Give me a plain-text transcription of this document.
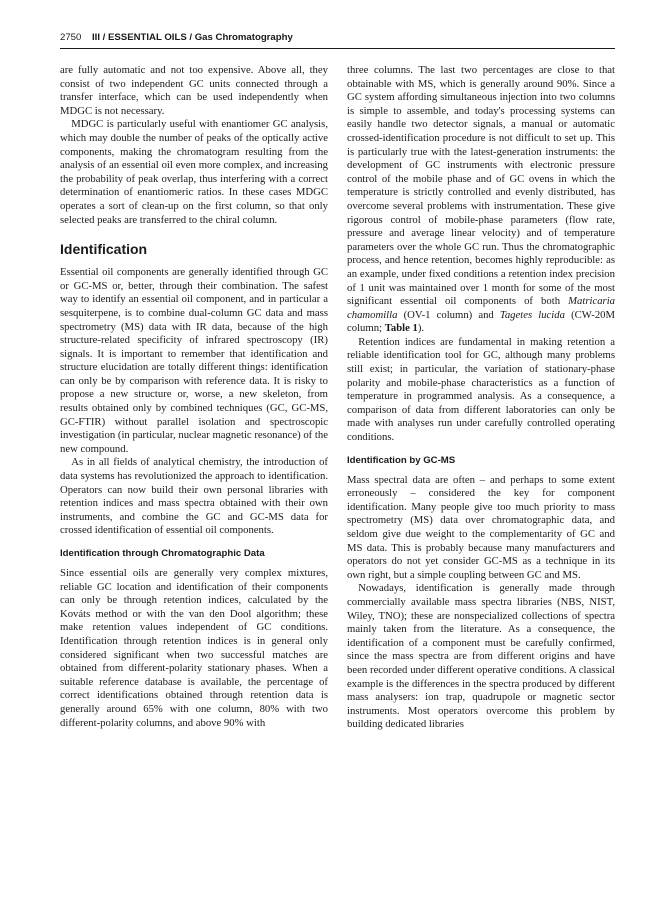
2750 III / ESSENTIAL OILS / Gas Chromatography

are fully automatic and not too expensive. Above all, they consist of two independent GC units connected through a transfer interface, which can be used independently when MDGC is not necessary.

MDGC is particularly useful with enantiomer GC analysis, which may double the number of peaks of the optically active components, making the chromatogram resulting from the analysis of an essential oil even more complex, and increasing the probability of peak overlap, thus interfering with a correct determination of enantiomeric ratios. In these cases MDGC operates a sort of clean-up on the first column, so that only selected peaks are transferred to the chiral column.

Identification

Essential oil components are generally identified through GC or GC-MS or, better, through their combination. The safest way to identify an essential oil component, and in particular a sesquiterpene, is to combine dual-column GC data and mass spectrometry (MS) data with IR data, because of the high structure-related specificity of infrared spectroscopy (IR) signals. It is important to remember that identification and structure elucidation are totally different things: identification can only be by comparison with reference data. It is risky to propose a new structure or, worse, a new skeleton, from results obtained only by combined techniques (GC, GC-MS, GC-FTIR) without parallel isolation and spectroscopic investigation (in particular, nuclear magnetic resonance) of the new compound.

As in all fields of analytical chemistry, the introduction of data systems has revolutionized the approach to identification. Operators can now build their own personal libraries with retention indices and mass spectra obtained with their own instruments, and combine the GC and GC-MS data for crossed identification of essential oil components.

Identification through Chromatographic Data

Since essential oils are generally very complex mixtures, reliable GC location and identification of their components can only be through retention indices, calculated by the Kováts method or with the van den Dool algorithm; these make retention values independent of GC conditions. Identification through retention indices is in general only considered significant when two successful matches are obtained from different-polarity stationary phases. When a suitable reference database is available, the percentage of correct identifications obtained through retention data is generally around 65% with one column, 80% with two different-polarity columns, and above 90% with

three columns. The last two percentages are close to that obtainable with MS, which is generally around 90%. Since a GC system affording simultaneous injection into two columns is simple to assemble, and today's processing systems can easily handle two detector signals, a manual or automatic crossed-identification procedure is not difficult to set up. This is particularly true with the latest-generation instruments: the development of GC instruments with electronic pressure control of the mobile phase and of GC ovens in which the temperature is strictly controlled and evenly distributed, has overcome several problems with instrumentation. These give rigorous control of mobile-phase parameters (flow rate, pressure and average linear velocity) and of temperature parameters over the whole GC run. Thus the chromatographic process, and hence retention, becomes highly reproducible: as an example, under fixed conditions a retention index precision of 1 unit was maintained over 1 month for some of the most significant essential oil components of both Matricaria chamomilla (OV-1 column) and Tagetes lucida (CW-20M column; Table 1).

Retention indices are fundamental in making retention a reliable identification tool for GC, although many problems still exist; in particular, the variation of stationary-phase polarity and mobile-phase characteristics as a function of temperature in programmed analysis. As a consequence, a comparison of data from different laboratories can only be made with analyses run under carefully controlled operating conditions.

Identification by GC-MS

Mass spectral data are often – and perhaps to some extent erroneously – considered the key for component identification. Many people give too much priority to mass spectrometry (MS) data over chromatographic data, and seldom give due weight to the complementarity of GC and MS data. This is probably because many manufacturers and operators do not yet consider GC-MS as a technique in its own right, but a simple coupling between GC and MS.

Nowadays, identification is generally made through commercially available mass spectra libraries (NBS, NIST, Wiley, TNO); these are nonspecialized collections of spectra mainly taken from the literature. As a consequence, the identification of a component must be carefully confirmed, since the mass spectra are from different origins and have been recorded under different operative conditions. A classical example is the differences in the spectra produced by different mass analysers: ion trap, quadrupole or magnetic sector instruments. Most operators overcome this problem by building dedicated libraries
